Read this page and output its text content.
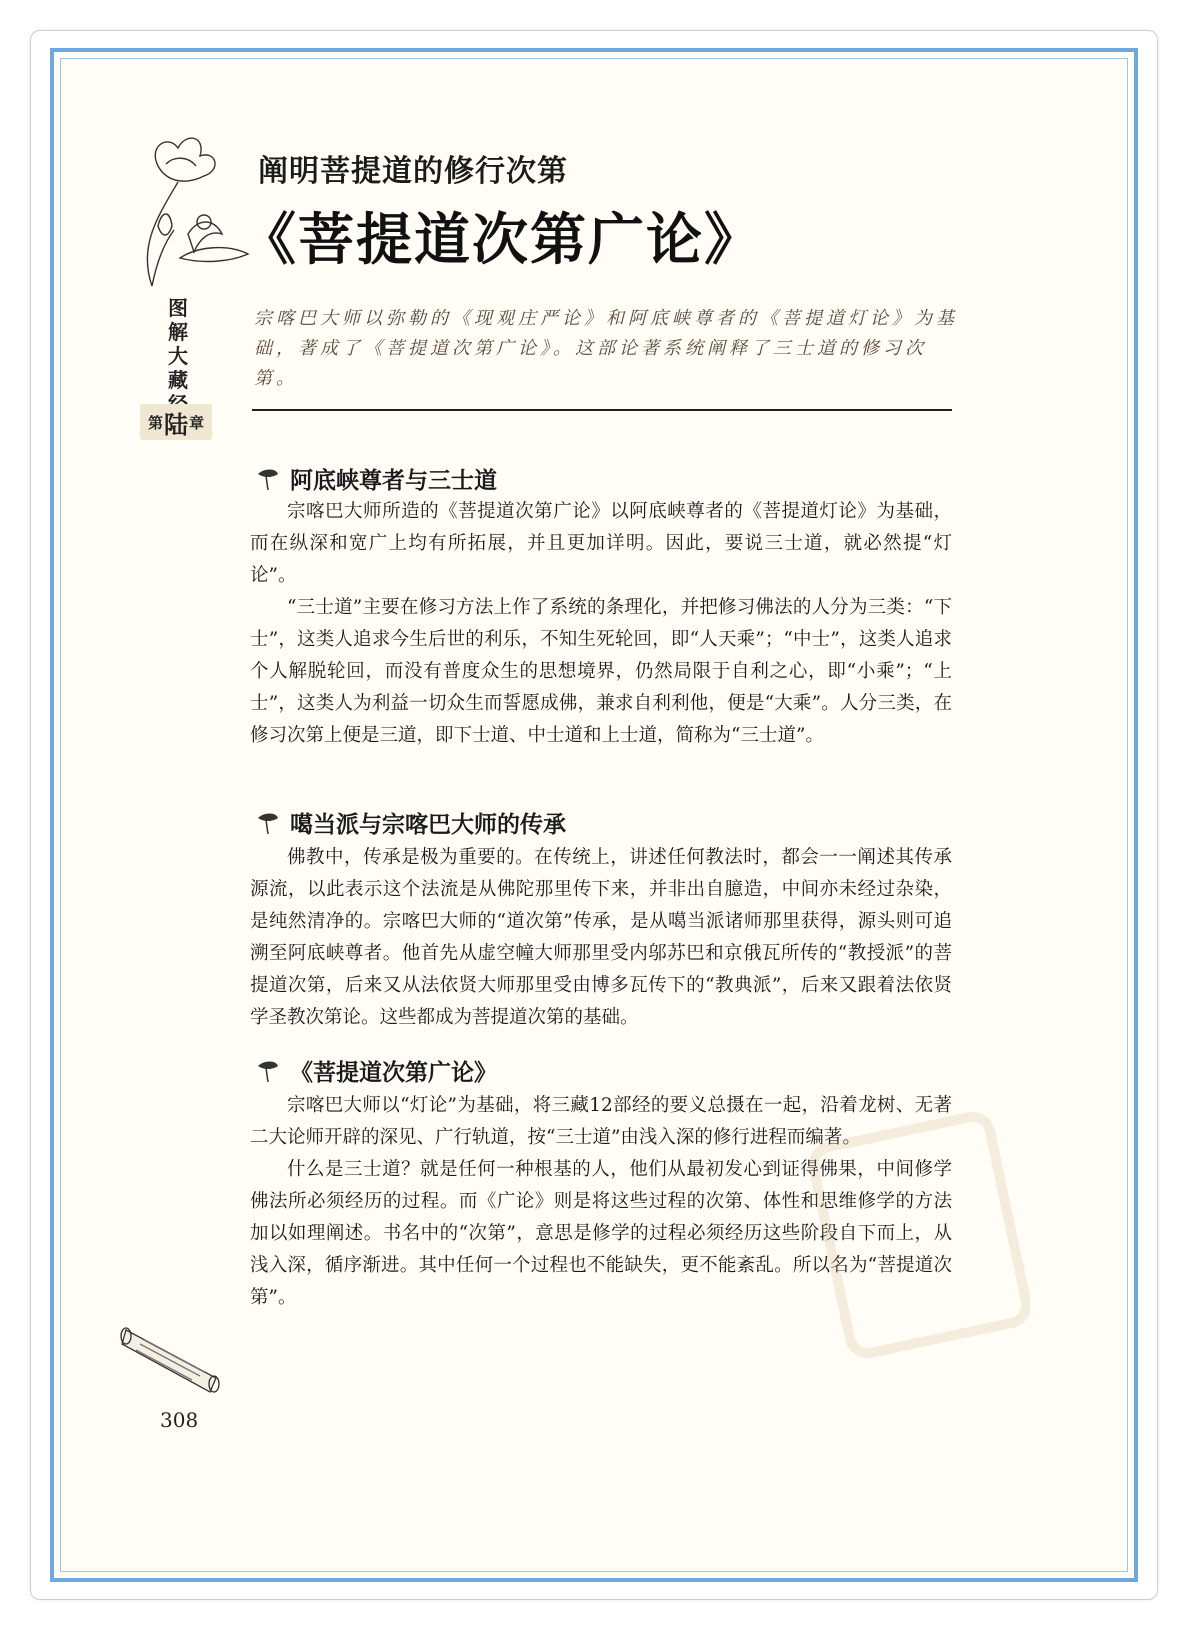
图
解
大
藏
第 陆 章
阐明菩提道的修行次第
《菩提道次第广论》
宗喀巴大师以弥勒的《现观庄严论》和阿底峡尊者的《菩提道灯论》为基础，著成了《菩提道次第广论》。这部论著系统阐释了三士道的修习次第。
阿底峡尊者与三士道

宗喀巴大师所造的《菩提道次第广论》以阿底峡尊者的《菩提道灯论》为基础，而在纵深和宽广上均有所拓展，并且更加详明。因此，要说三士道，就必然提“灯论”。

“三士道”主要在修习方法上作了系统的条理化，并把修习佛法的人分为三类：“下士”，这类人追求今生后世的利乐，不知生死轮回，即“人天乘”；“中士”，这类人追求个人解脱轮回，而没有普度众生的思想境界，仍然局限于自利之心，即“小乘”；“上士”，这类人为利益一切众生而誓愿成佛，兼求自利利他，便是“大乘”。人分三类，在修习次第上便是三道，即下士道、中士道和上士道，简称为“三士道”。

噶当派与宗喀巴大师的传承

佛教中，传承是极为重要的。在传统上，讲述任何教法时，都会一一阐述其传承源流，以此表示这个法流是从佛陀那里传下来，并非出自臆造，中间亦未经过杂染，是纯然清净的。宗喀巴大师的“道次第”传承，是从噶当派诸师那里获得，源头则可追溯至阿底峡尊者。他首先从虚空幢大师那里受内邬苏巴和京俄瓦所传的“教授派”的菩提道次第，后来又从法依贤大师那里受由博多瓦传下的“教典派”，后来又跟着法依贤学圣教次第论。这些都成为菩提道次第的基础。

《菩提道次第广论》

宗喀巴大师以“灯论”为基础，将三藏12部经的要义总摄在一起，沿着龙树、无著二大论师开辟的深见、广行轨道，按“三士道”由浅入深的修行进程而编著。

什么是三士道？就是任何一种根基的人，他们从最初发心到证得佛果，中间修学佛法所必须经历的过程。而《广论》则是将这些过程的次第、体性和思维修学的方法加以如理阐述。书名中的“次第”，意思是修学的过程必须经历这些阶段自下而上，从浅入深，循序渐进。其中任何一个过程也不能缺失，更不能紊乱。所以名为“菩提道次第”。

308
